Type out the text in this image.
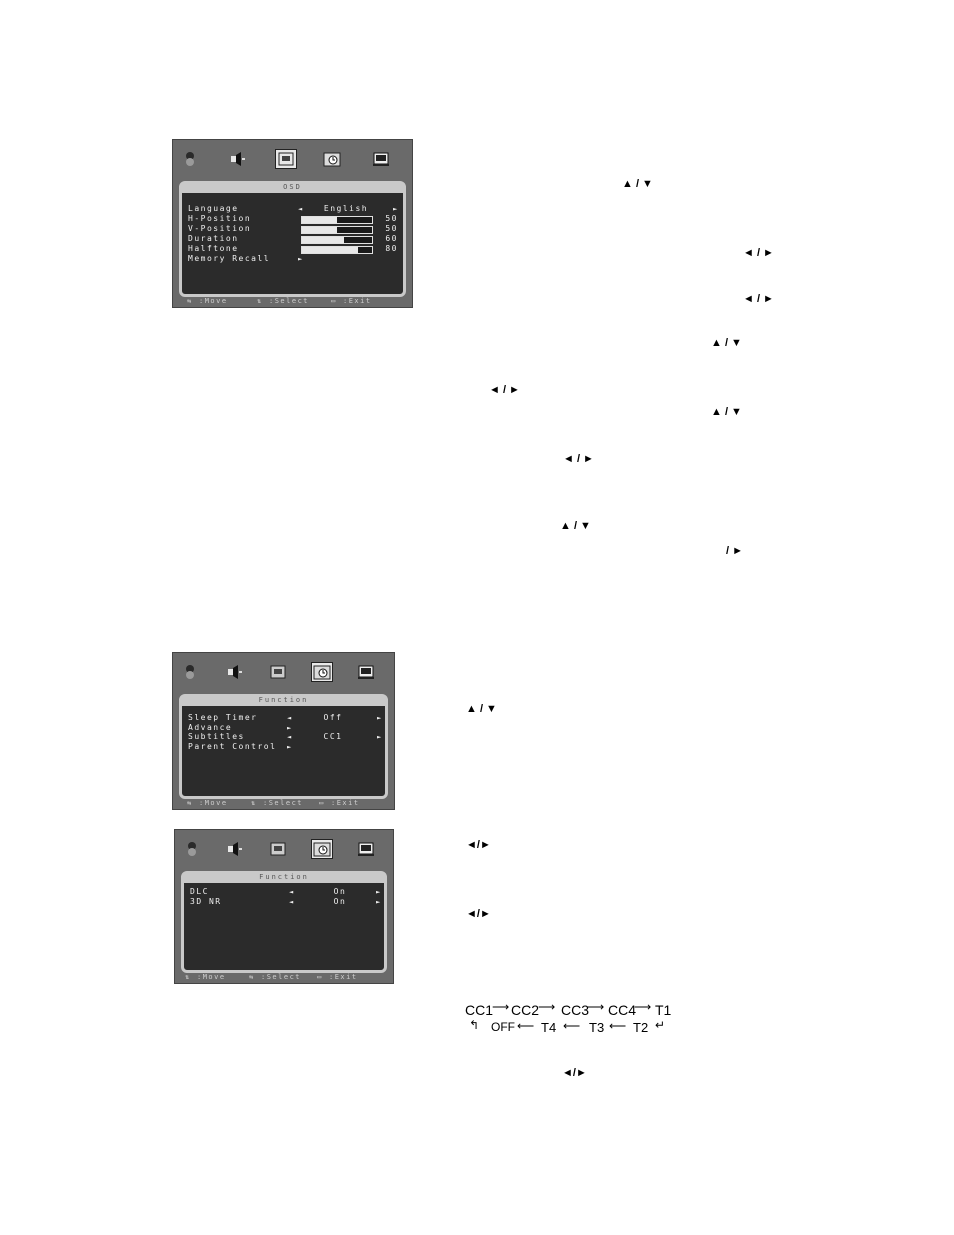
OSD
Language	◄	English	►
H-Position	50
V-Position	50
Duration	60
Halftone	80
Memory Recall	►
⇆ :Move	⇅ :Select	▭ :Exit
Function
Sleep Timer	◄	Off	►
Advance	►
Subtitles	◄	CC1	►
Parent Control ►
⇆ :Move	⇅ :Select ▭ :Exit
Function
DLC	◄	On	►
3D NR	◄	On	►
⇅ :Move	⇆ :Select ▭ :Exit
▲ / ▼
◄ / ►
◄ / ►
▲ / ▼
◄ / ►
▲ / ▼
◄ / ►
▲ / ▼
/ ►
▲ / ▼
◄/►
◄/►
◄/►
CC1
⟶ CC2
⟶ CC3
⟶ CC4
⟶ T1
↰ OFF ⟵ T4 ⟵ T3 ⟵ T2 ↵
